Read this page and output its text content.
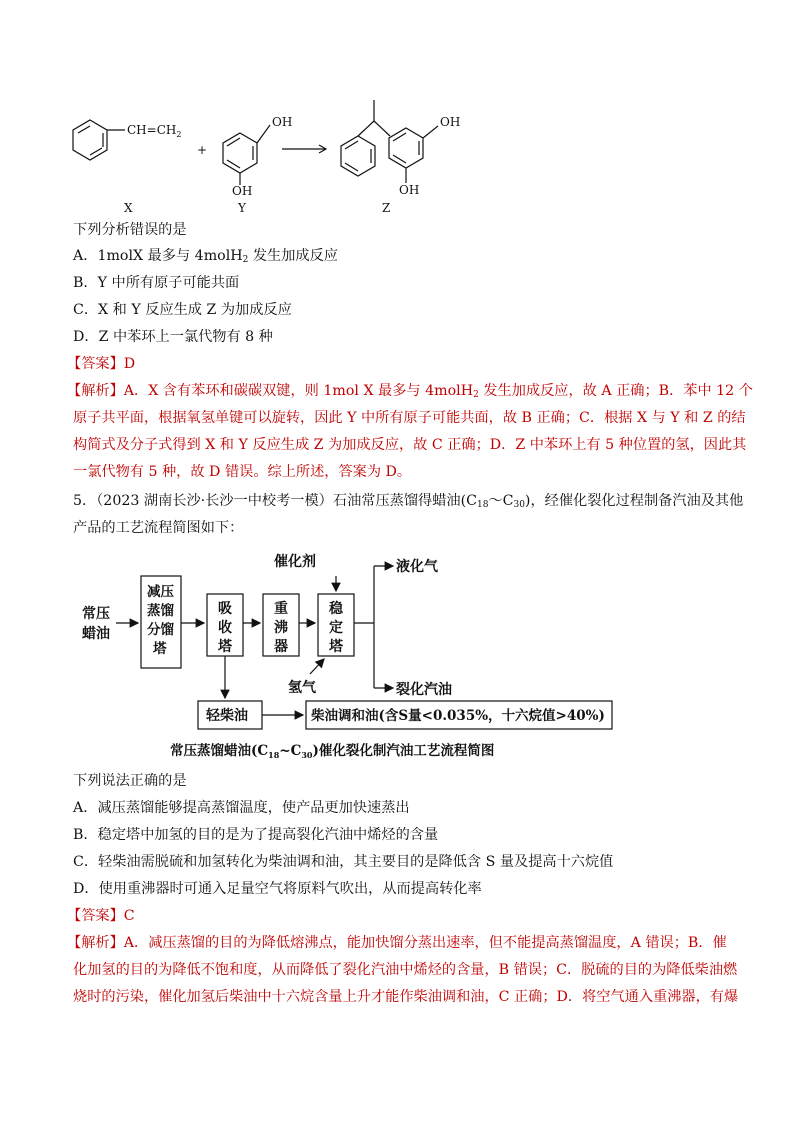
$CH=CH_2$
+
OH
OH
OH
OH
X	Y	Z
下列分析错误的是
A．1molX 最多与 4molH$_2$ 发生加成反应
B．Y 中所有原子可能共面
C．X 和 Y 反应生成 Z 为加成反应
D．Z 中苯环上一氯代物有 8 种
【答案】D
【解析】A．X 含有苯环和碳碳双键，则 1mol X 最多与 4molH$_2$ 发生加成反应，故 A 正确；B．苯中 12 个
原子共平面，根据氧氢单键可以旋转，因此 Y 中所有原子可能共面，故 B 正确；C．根据 X 与 Y 和 Z 的结
构简式及分子式得到 X 和 Y 反应生成 Z 为加成反应，故 C 正确；D．Z 中苯环上有 5 种位置的氢，因此其
一氯代物有 5 种，故 D 错误。综上所述，答案为 D。
5．（2023 湖南长沙·长沙一中校考一模）石油常压蒸馏得蜡油$(C_{18}\sim C_{30})$，经催化裂化过程制备汽油及其他
产品的工艺流程简图如下：
常压蜡油
减压蒸馏分馏塔
吸收塔
重沸器
稳定塔
催化剂
氢气
液化气
裂化汽油
轻柴油	柴油调和油(含S量<0.035%，十六烷值>40%)
常压蒸馏蜡油$(C_{18}\sim C_{30})$催化裂化制汽油工艺流程简图
下列说法正确的是
A．减压蒸馏能够提高蒸馏温度，使产品更加快速蒸出
B．稳定塔中加氢的目的是为了提高裂化汽油中烯烃的含量
C．轻柴油需脱硫和加氢转化为柴油调和油，其主要目的是降低含 S 量及提高十六烷值
D．使用重沸器时可通入足量空气将原料气吹出，从而提高转化率
【答案】C
【解析】A．减压蒸馏的目的为降低熔沸点，能加快馏分蒸出速率，但不能提高蒸馏温度，A 错误；B．催
化加氢的目的为降低不饱和度，从而降低了裂化汽油中烯烃的含量，B 错误；C．脱硫的目的为降低柴油燃
烧时的污染，催化加氢后柴油中十六烷含量上升才能作柴油调和油，C 正确；D．将空气通入重沸器，有爆
